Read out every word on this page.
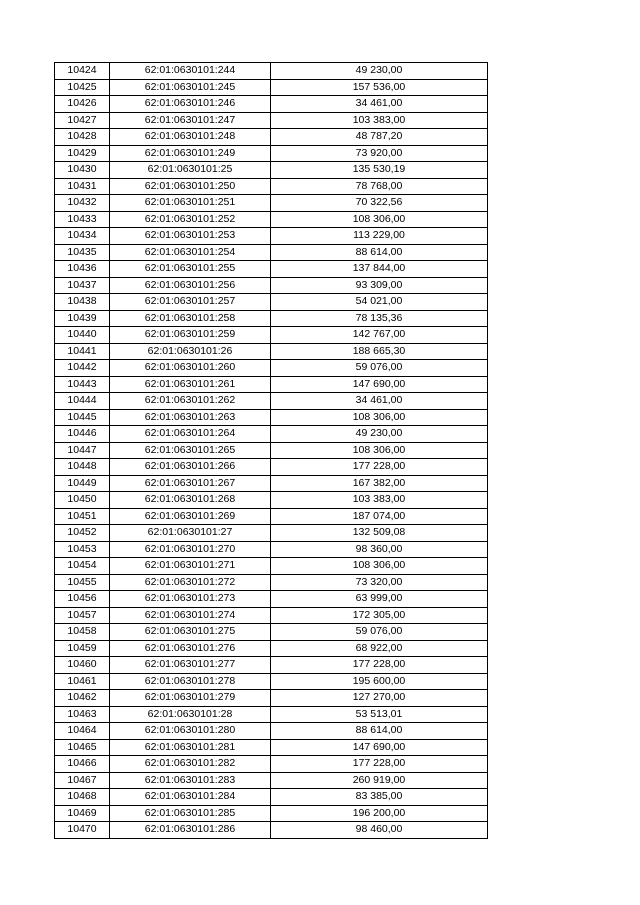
10424	62:01:0630101:244	49 230,00
10425	62:01:0630101:245	157 536,00
10426	62:01:0630101:246	34 461,00
10427	62:01:0630101:247	103 383,00
10428	62:01:0630101:248	48 787,20
10429	62:01:0630101:249	73 920,00
10430	62:01:0630101:25	135 530,19
10431	62:01:0630101:250	78 768,00
10432	62:01:0630101:251	70 322,56
10433	62:01:0630101:252	108 306,00
10434	62:01:0630101:253	113 229,00
10435	62:01:0630101:254	88 614,00
10436	62:01:0630101:255	137 844,00
10437	62:01:0630101:256	93 309,00
10438	62:01:0630101:257	54 021,00
10439	62:01:0630101:258	78 135,36
10440	62:01:0630101:259	142 767,00
10441	62:01:0630101:26	188 665,30
10442	62:01:0630101:260	59 076,00
10443	62:01:0630101:261	147 690,00
10444	62:01:0630101:262	34 461,00
10445	62:01:0630101:263	108 306,00
10446	62:01:0630101:264	49 230,00
10447	62:01:0630101:265	108 306,00
10448	62:01:0630101:266	177 228,00
10449	62:01:0630101:267	167 382,00
10450	62:01:0630101:268	103 383,00
10451	62:01:0630101:269	187 074,00
10452	62:01:0630101:27	132 509,08
10453	62:01:0630101:270	98 360,00
10454	62:01:0630101:271	108 306,00
10455	62:01:0630101:272	73 320,00
10456	62:01:0630101:273	63 999,00
10457	62:01:0630101:274	172 305,00
10458	62:01:0630101:275	59 076,00
10459	62:01:0630101:276	68 922,00
10460	62:01:0630101:277	177 228,00
10461	62:01:0630101:278	195 600,00
10462	62:01:0630101:279	127 270,00
10463	62:01:0630101:28	53 513,01
10464	62:01:0630101:280	88 614,00
10465	62:01:0630101:281	147 690,00
10466	62:01:0630101:282	177 228,00
10467	62:01:0630101:283	260 919,00
10468	62:01:0630101:284	83 385,00
10469	62:01:0630101:285	196 200,00
10470	62:01:0630101:286	98 460,00
